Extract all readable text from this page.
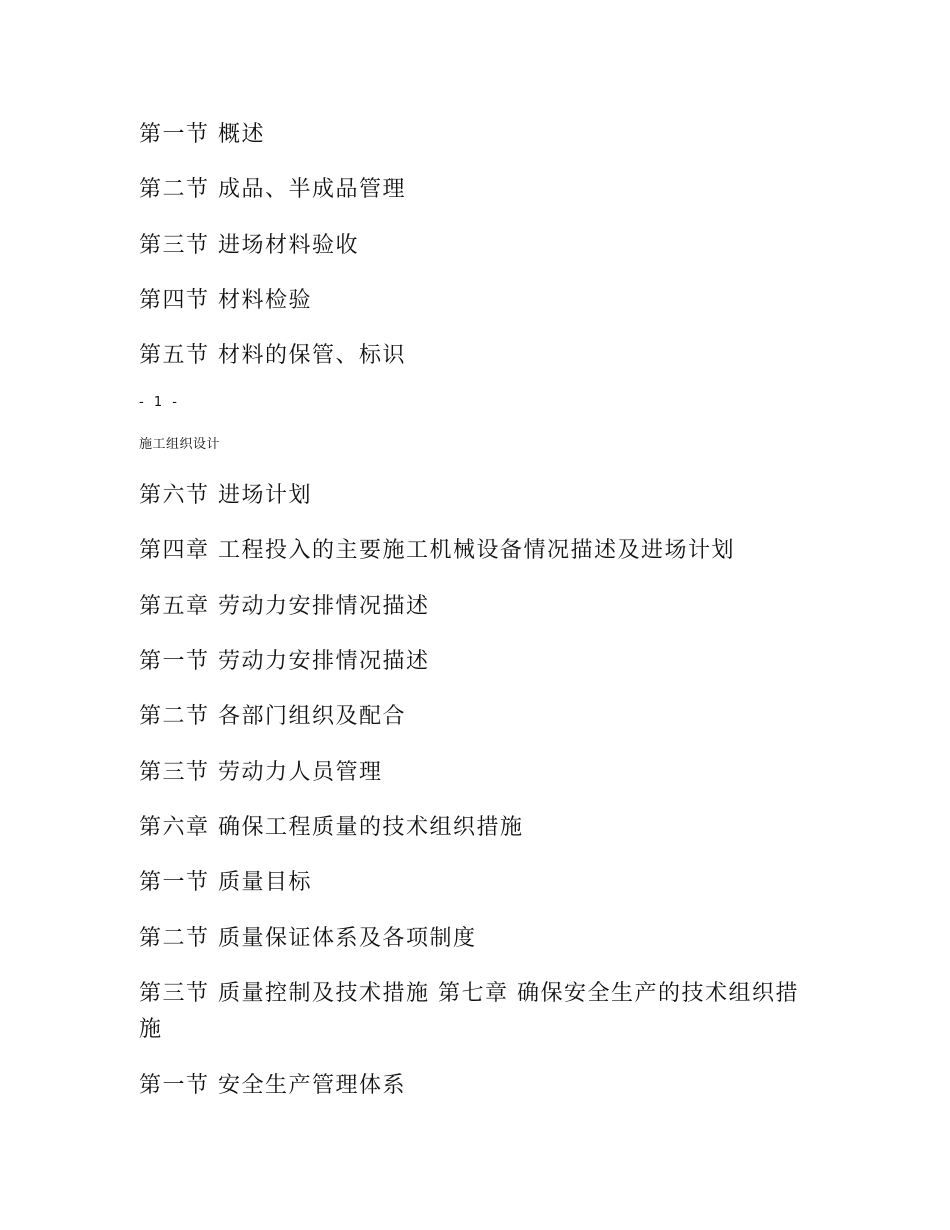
第一节 概述
第二节 成品、半成品管理
第三节 进场材料验收
第四节 材料检验
第五节 材料的保管、标识
- 1 -
施工组织设计
第六节 进场计划
第四章 工程投入的主要施工机械设备情况描述及进场计划
第五章 劳动力安排情况描述
第一节 劳动力安排情况描述
第二节 各部门组织及配合
第三节 劳动力人员管理
第六章 确保工程质量的技术组织措施
第一节 质量目标
第二节 质量保证体系及各项制度
第三节 质量控制及技术措施 第七章 确保安全生产的技术组织措施
第一节 安全生产管理体系
